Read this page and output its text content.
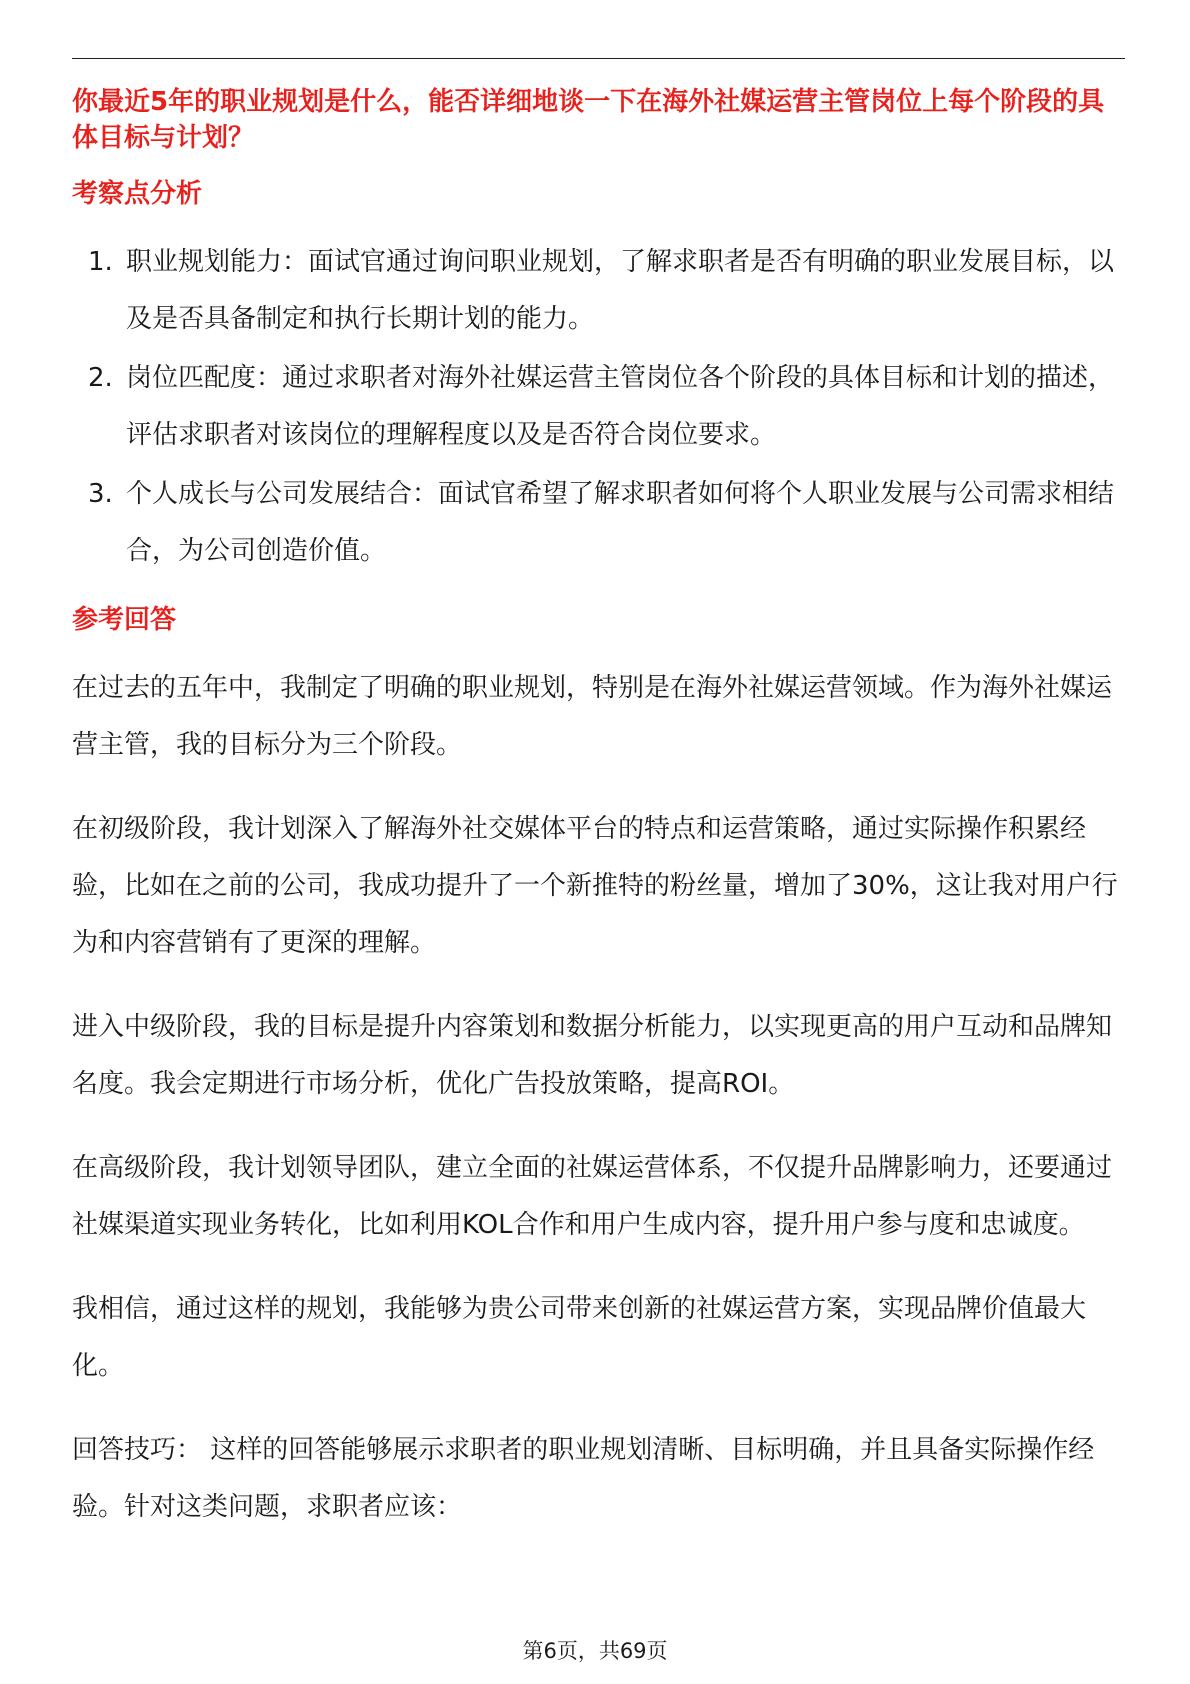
你最近5年的职业规划是什么，能否详细地谈一下在海外社媒运营主管岗位上每个阶段的具体目标与计划？

考察点分析
1. 职业规划能力：面试官通过询问职业规划，了解求职者是否有明确的职业发展目标，以及是否具备制定和执行长期计划的能力。
2. 岗位匹配度：通过求职者对海外社媒运营主管岗位各个阶段的具体目标和计划的描述，评估求职者对该岗位的理解程度以及是否符合岗位要求。
3. 个人成长与公司发展结合：面试官希望了解求职者如何将个人职业发展与公司需求相结合，为公司创造价值。
参考回答

在过去的五年中，我制定了明确的职业规划，特别是在海外社媒运营领域。作为海外社媒运营主管，我的目标分为三个阶段。

在初级阶段，我计划深入了解海外社交媒体平台的特点和运营策略，通过实际操作积累经验，比如在之前的公司，我成功提升了一个新推特的粉丝量，增加了30%，这让我对用户行为和内容营销有了更深的理解。

进入中级阶段，我的目标是提升内容策划和数据分析能力，以实现更高的用户互动和品牌知名度。我会定期进行市场分析，优化广告投放策略，提高ROI。

在高级阶段，我计划领导团队，建立全面的社媒运营体系，不仅提升品牌影响力，还要通过社媒渠道实现业务转化，比如利用KOL合作和用户生成内容，提升用户参与度和忠诚度。

我相信，通过这样的规划，我能够为贵公司带来创新的社媒运营方案，实现品牌价值最大化。

回答技巧： 这样的回答能够展示求职者的职业规划清晰、目标明确，并且具备实际操作经验。针对这类问题，求职者应该：

第6页，共69页
